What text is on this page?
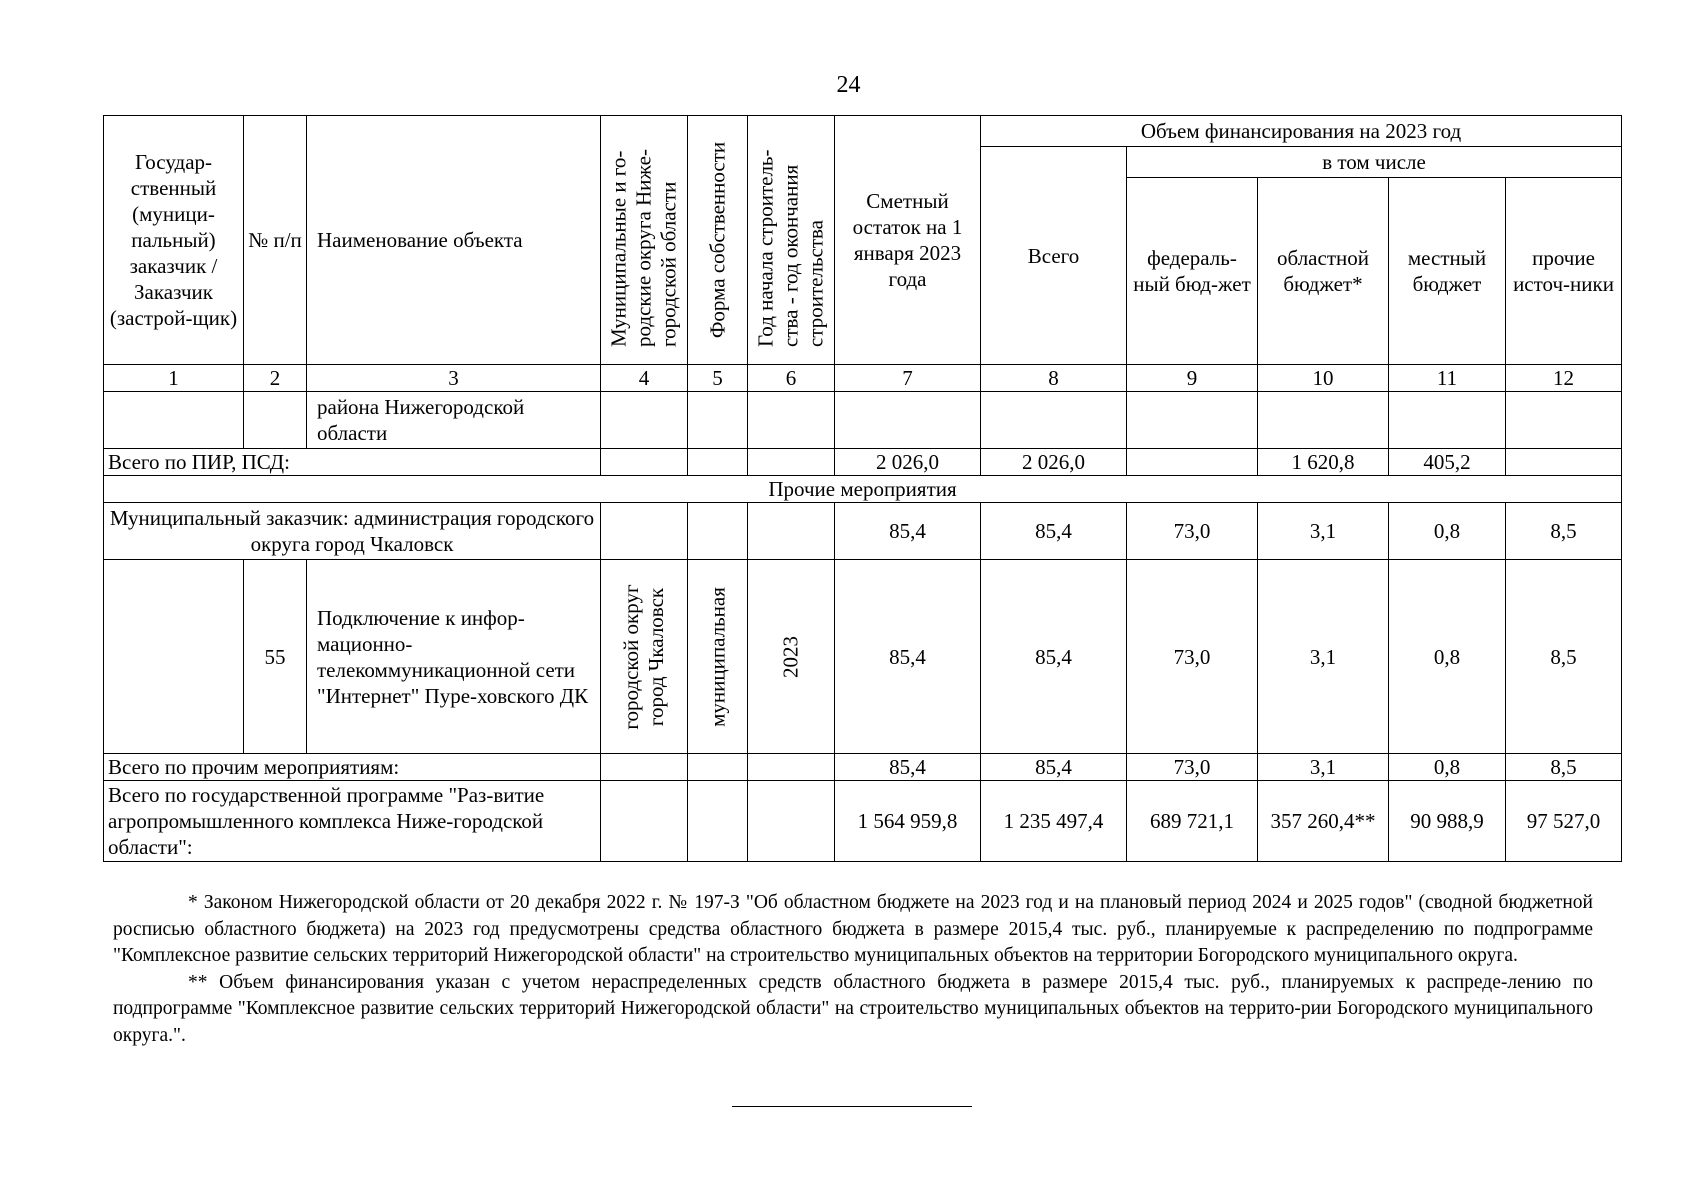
24
Государ-ственный (муници-пальный) заказчик / Заказчик (застрой-щик)	№ п/п	Наименование объекта	Муниципальные и го-родские округа Ниже-городской области	Форма собственности	Год начала строитель-ства - год окончания строительства	Сметный остаток на 1 января 2023 года	Объем финансирования на 2023 год				
							Всего	в том числе			
								федераль-ный бюд-жет	областной бюджет*	местный бюджет	прочие источ-ники
1	2	3	4	5	6	7	8	9	10	11	12
		района Нижегородской области									
Всего по ПИР, ПСД:						2 026,0	2 026,0		1 620,8	405,2	
Прочие мероприятия											
Муниципальный заказчик: администрация городского округа город Чкаловск						85,4	85,4	73,0	3,1	0,8	8,5
	55	Подключение к инфор-мационно-телекоммуникационной сети "Интернет" Пуре-ховского ДК	городской округ город Чкаловск	муниципальная	2023	85,4	85,4	73,0	3,1	0,8	8,5
Всего по прочим мероприятиям:						85,4	85,4	73,0	3,1	0,8	8,5
Всего по государственной программе "Раз-витие агропромышленного комплекса Ниже-городской области":						1 564 959,8	1 235 497,4	689 721,1	357 260,4**	90 988,9	97 527,0

* Законом Нижегородской области от 20 декабря 2022 г. № 197-З "Об областном бюджете на 2023 год и на плановый период 2024 и 2025 годов" (сводной бюджетной росписью областного бюджета) на 2023 год предусмотрены средства областного бюджета в размере 2015,4 тыс. руб., планируемые к распределению по подпрограмме "Комплексное развитие сельских территорий Нижегородской области" на строительство муниципальных объектов на территории Богородского муниципального округа.

** Объем финансирования указан с учетом нераспределенных средств областного бюджета в размере 2015,4 тыс. руб., планируемых к распреде-лению по подпрограмме "Комплексное развитие сельских территорий Нижегородской области" на строительство муниципальных объектов на террито-рии Богородского муниципального округа.".
